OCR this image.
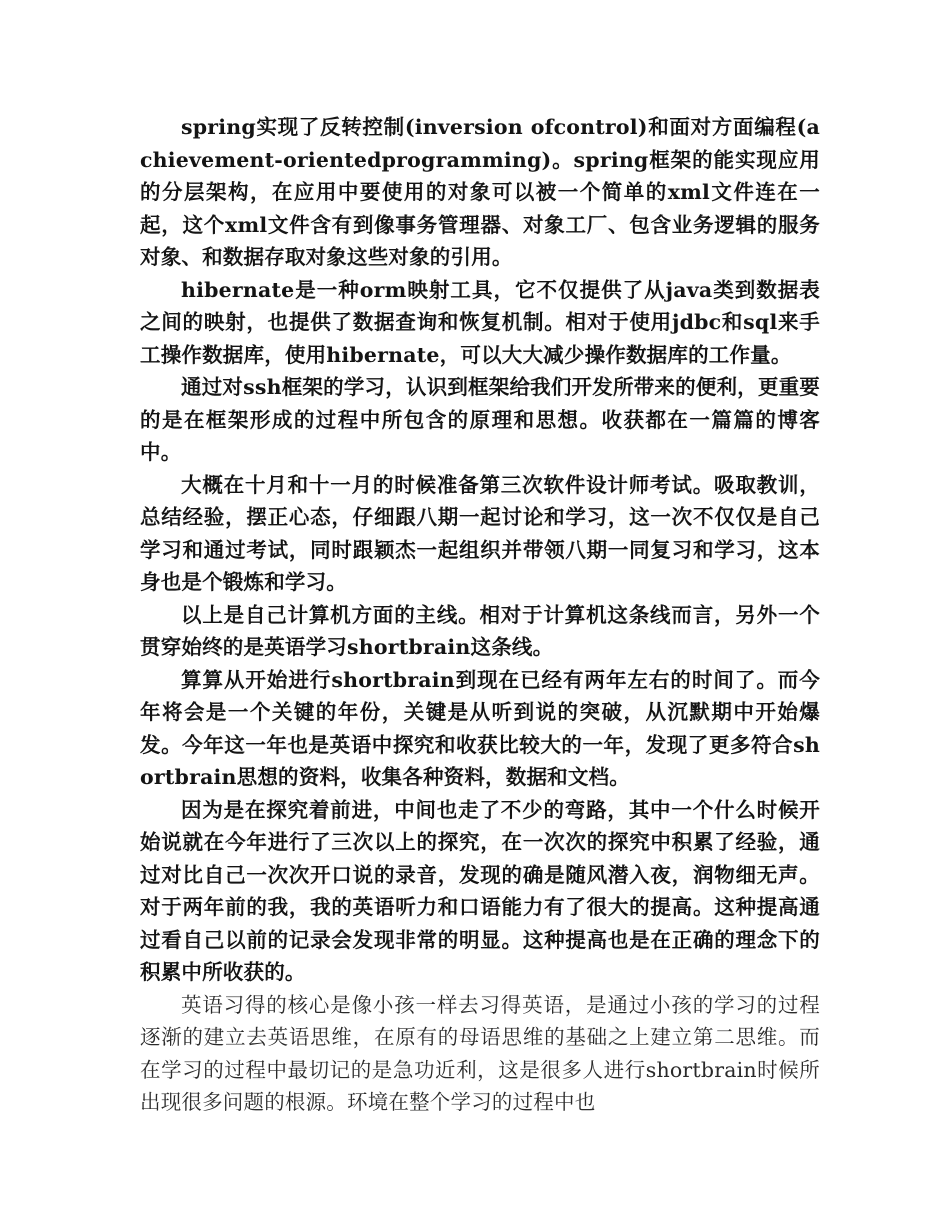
spring实现了反转控制(inversion ofcontrol)和面对方面编程(achievement-orientedprogramming)。spring框架的能实现应用的分层架构，在应用中要使用的对象可以被一个简单的xml文件连在一起，这个xml文件含有到像事务管理器、对象工厂、包含业务逻辑的服务对象、和数据存取对象这些对象的引用。

hibernate是一种orm映射工具，它不仅提供了从java类到数据表之间的映射，也提供了数据查询和恢复机制。相对于使用jdbc和sql来手工操作数据库，使用hibernate，可以大大减少操作数据库的工作量。

通过对ssh框架的学习，认识到框架给我们开发所带来的便利，更重要的是在框架形成的过程中所包含的原理和思想。收获都在一篇篇的博客中。

大概在十月和十一月的时候准备第三次软件设计师考试。吸取教训，总结经验，摆正心态，仔细跟八期一起讨论和学习，这一次不仅仅是自己学习和通过考试，同时跟颖杰一起组织并带领八期一同复习和学习，这本身也是个锻炼和学习。

以上是自己计算机方面的主线。相对于计算机这条线而言，另外一个贯穿始终的是英语学习shortbrain这条线。

算算从开始进行shortbrain到现在已经有两年左右的时间了。而今年将会是一个关键的年份，关键是从听到说的突破，从沉默期中开始爆发。今年这一年也是英语中探究和收获比较大的一年，发现了更多符合shortbrain思想的资料，收集各种资料，数据和文档。

因为是在探究着前进，中间也走了不少的弯路，其中一个什么时候开始说就在今年进行了三次以上的探究，在一次次的探究中积累了经验，通过对比自己一次次开口说的录音，发现的确是随风潜入夜，润物细无声。对于两年前的我，我的英语听力和口语能力有了很大的提高。这种提高通过看自己以前的记录会发现非常的明显。这种提高也是在正确的理念下的积累中所收获的。

英语习得的核心是像小孩一样去习得英语，是通过小孩的学习的过程逐渐的建立去英语思维，在原有的母语思维的基础之上建立第二思维。而在学习的过程中最切记的是急功近利，这是很多人进行shortbrain时候所出现很多问题的根源。环境在整个学习的过程中也
